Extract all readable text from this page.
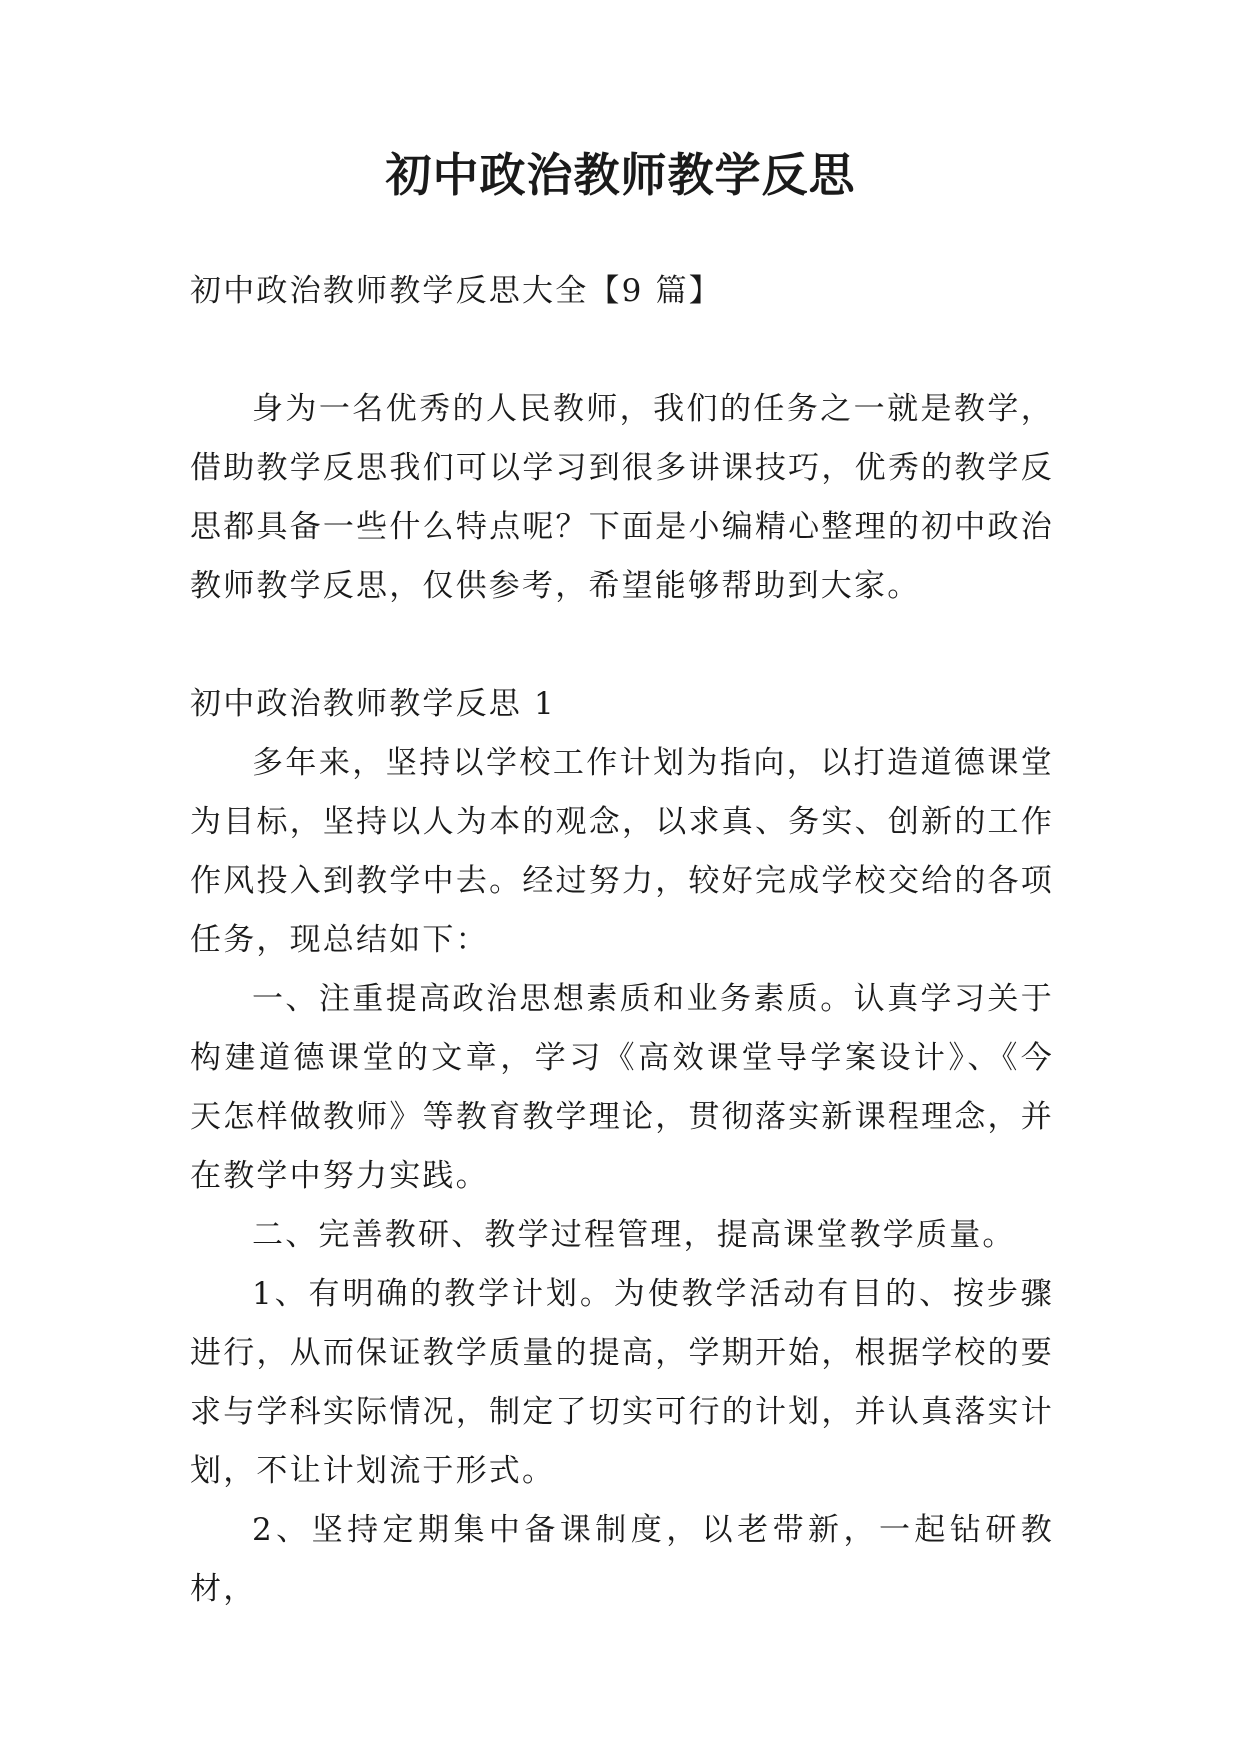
初中政治教师教学反思

初中政治教师教学反思大全【9 篇】

身为一名优秀的人民教师，我们的任务之一就是教学，借助教学反思我们可以学习到很多讲课技巧，优秀的教学反思都具备一些什么特点呢？下面是小编精心整理的初中政治教师教学反思，仅供参考，希望能够帮助到大家。

初中政治教师教学反思 1

多年来，坚持以学校工作计划为指向，以打造道德课堂为目标，坚持以人为本的观念，以求真、务实、创新的工作作风投入到教学中去。经过努力，较好完成学校交给的各项任务，现总结如下：

一、注重提高政治思想素质和业务素质。认真学习关于构建道德课堂的文章，学习《高效课堂导学案设计》、《今天怎样做教师》等教育教学理论，贯彻落实新课程理念，并在教学中努力实践。

二、完善教研、教学过程管理，提高课堂教学质量。

1、有明确的教学计划。为使教学活动有目的、按步骤进行，从而保证教学质量的提高，学期开始，根据学校的要求与学科实际情况，制定了切实可行的计划，并认真落实计划，不让计划流于形式。

2、坚持定期集中备课制度，以老带新，一起钻研教材，
